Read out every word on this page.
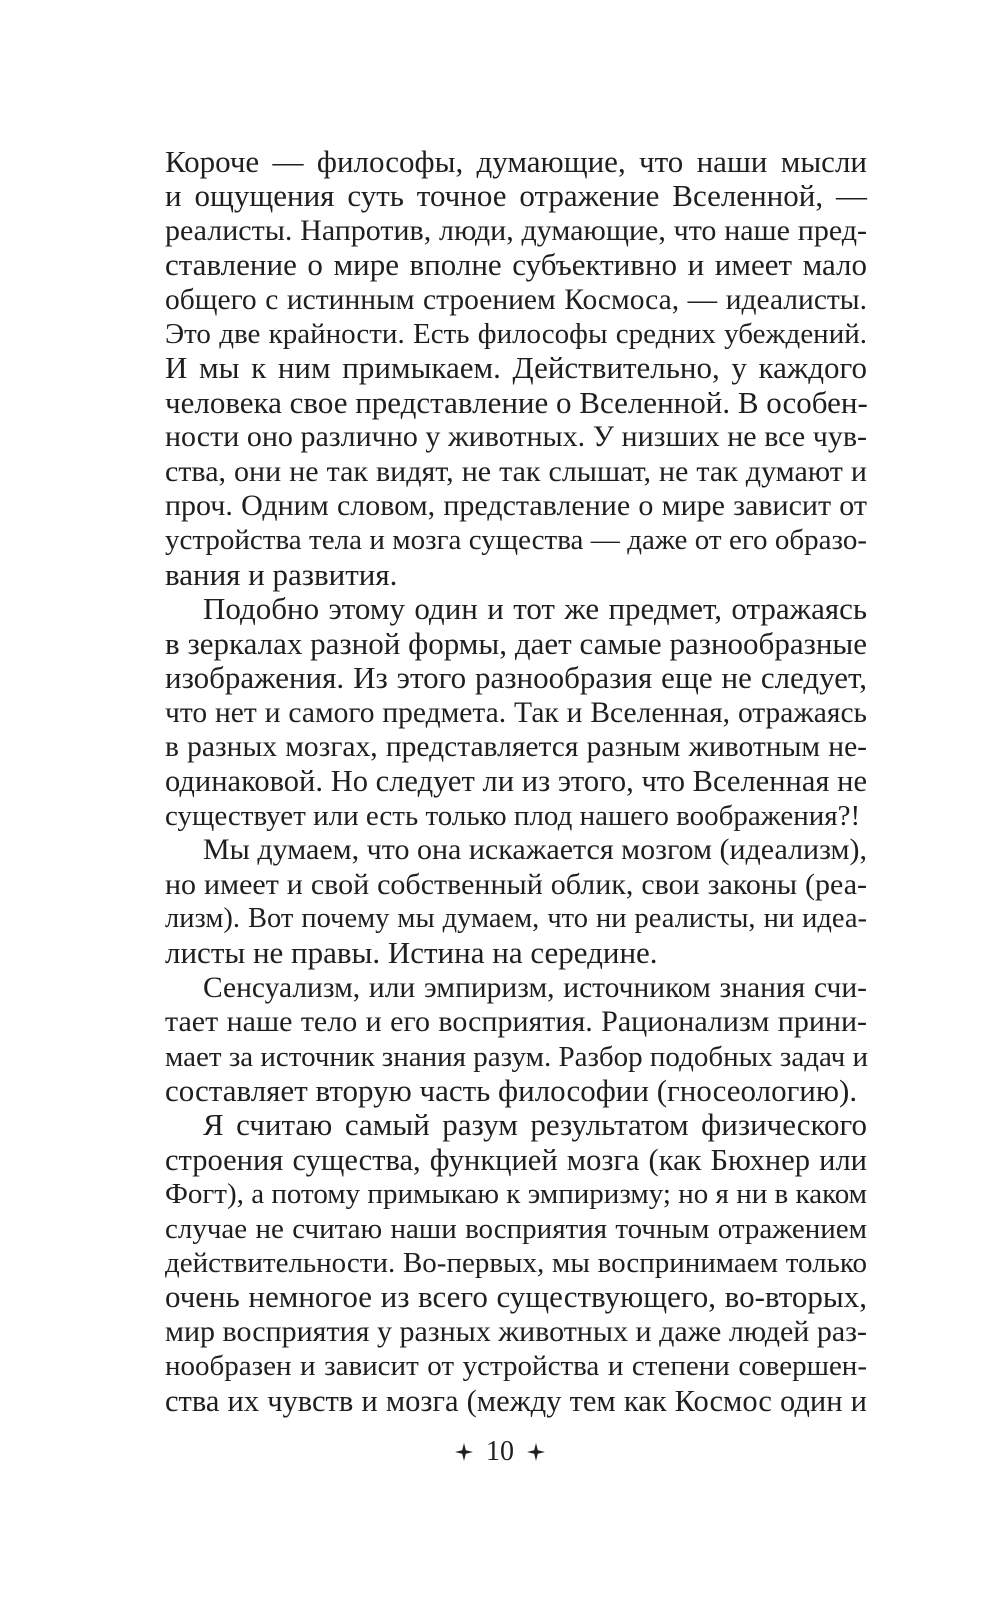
Короче — философы, думающие, что наши мысли
и ощущения суть точное отражение Вселенной, —
реалисты. Напротив, люди, думающие, что наше пред-
ставление о мире вполне субъективно и имеет мало
общего с истинным строением Космоса, — идеалисты.
Это две крайности. Есть философы средних убеждений.
И мы к ним примыкаем. Действительно, у каждого
человека свое представление о Вселенной. В особен-
ности оно различно у животных. У низших не все чув-
ства, они не так видят, не так слышат, не так думают и
проч. Одним словом, представление о мире зависит от
устройства тела и мозга существа — даже от его образо-
вания и развития.
Подобно этому один и тот же предмет, отражаясь
в зеркалах разной формы, дает самые разнообразные
изображения. Из этого разнообразия еще не следует,
что нет и самого предмета. Так и Вселенная, отражаясь
в разных мозгах, представляется разным животным не-
одинаковой. Но следует ли из этого, что Вселенная не
существует или есть только плод нашего воображения?!
Мы думаем, что она искажается мозгом (идеализм),
но имеет и свой собственный облик, свои законы (реа-
лизм). Вот почему мы думаем, что ни реалисты, ни идеа-
листы не правы. Истина на середине.
Сенсуализм, или эмпиризм, источником знания счи-
тает наше тело и его восприятия. Рационализм прини-
мает за источник знания разум. Разбор подобных задач и
составляет вторую часть философии (гносеологию).
Я считаю самый разум результатом физического
строения существа, функцией мозга (как Бюхнер или
Фогт), а потому примыкаю к эмпиризму; но я ни в каком
случае не считаю наши восприятия точным отражением
действительности. Во-первых, мы воспринимаем только
очень немногое из всего существующего, во-вторых,
мир восприятия у разных животных и даже людей раз-
нообразен и зависит от устройства и степени совершен-
ства их чувств и мозга (между тем как Космос один и
10
